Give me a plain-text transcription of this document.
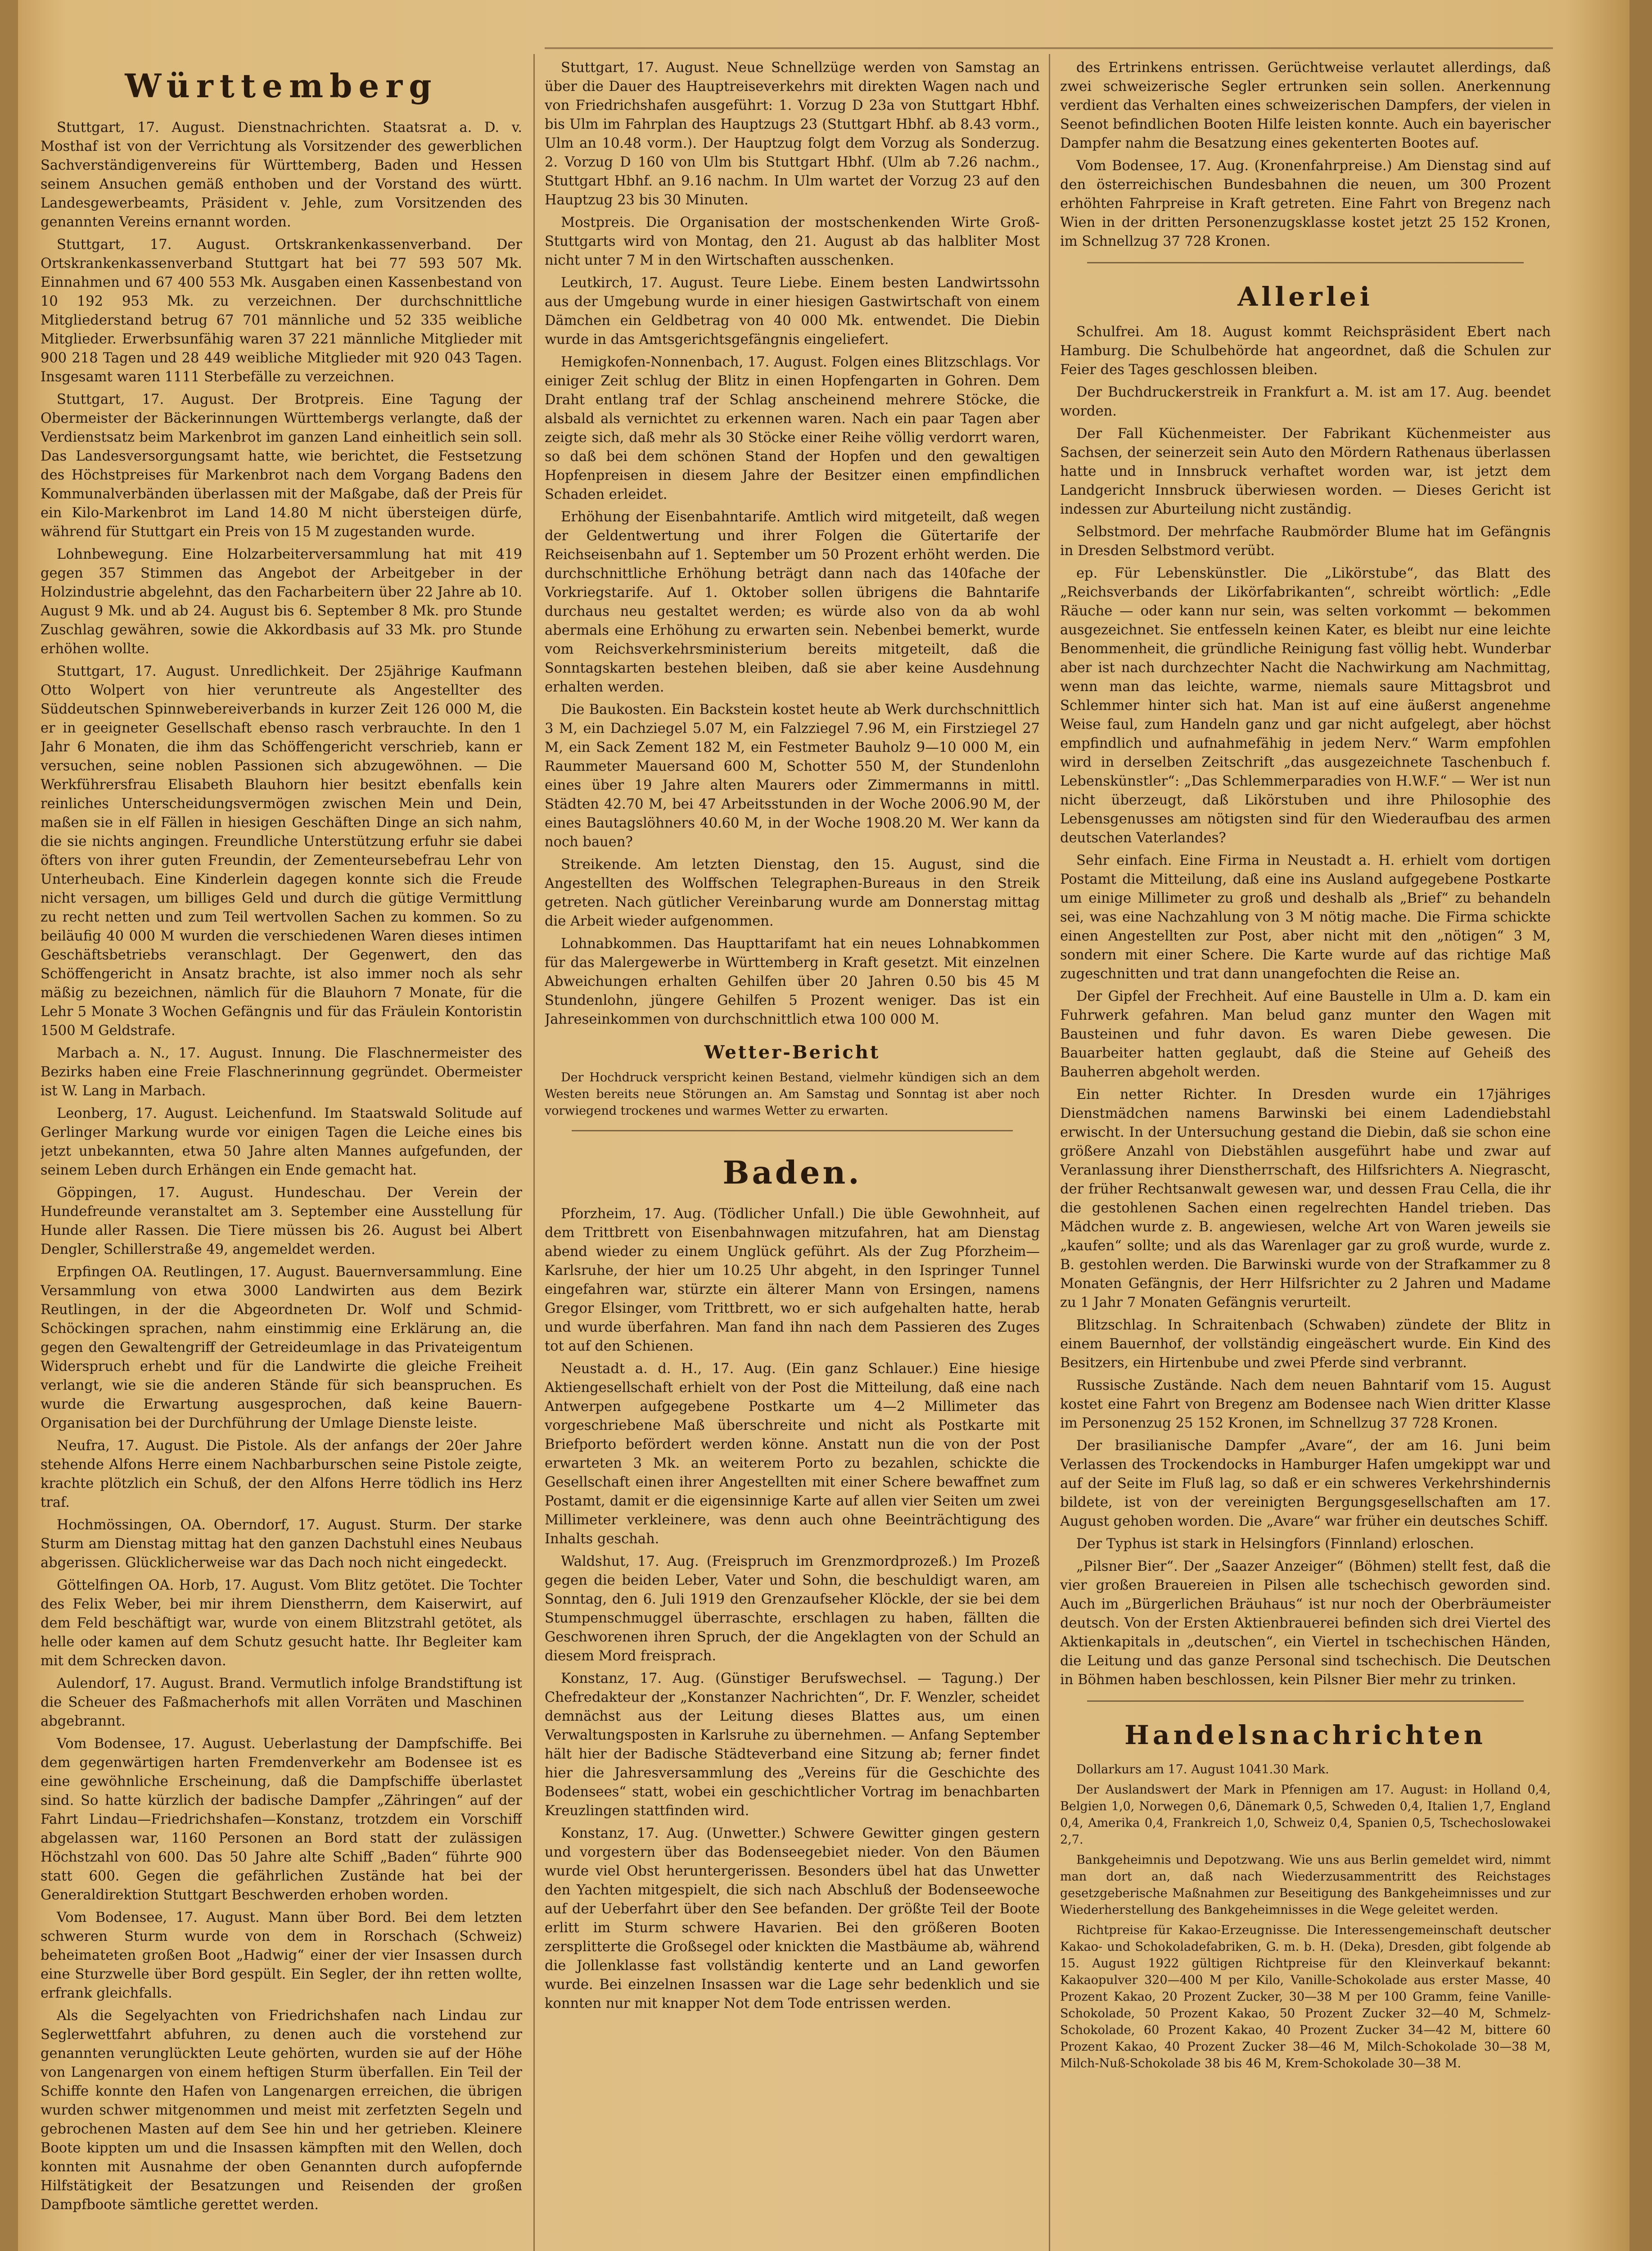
Württemberg

Stuttgart, 17. August. Dienstnachrichten. Staatsrat a. D. v. Mosthaf ist von der Verrichtung als Vorsitzender des gewerblichen Sachverständigenvereins für Württemberg, Baden und Hessen seinem Ansuchen gemäß enthoben und der Vorstand des württ. Landesgewerbeamts, Präsident v. Jehle, zum Vorsitzenden des genannten Vereins ernannt worden.

Stuttgart, 17. August. Ortskrankenkassenverband. Der Ortskrankenkassenverband Stuttgart hat bei 77 593 507 Mk. Einnahmen und 67 400 553 Mk. Ausgaben einen Kassenbestand von 10 192 953 Mk. zu verzeichnen. Der durchschnittliche Mitgliederstand betrug 67 701 männliche und 52 335 weibliche Mitglieder. Erwerbsunfähig waren 37 221 männliche Mitglieder mit 900 218 Tagen und 28 449 weibliche Mitglieder mit 920 043 Tagen. Insgesamt waren 1111 Sterbefälle zu verzeichnen.

Stuttgart, 17. August. Der Brotpreis. Eine Tagung der Obermeister der Bäckerinnungen Württembergs verlangte, daß der Verdienstsatz beim Markenbrot im ganzen Land einheitlich sein soll. Das Landesversorgungsamt hatte, wie berichtet, die Festsetzung des Höchstpreises für Markenbrot nach dem Vorgang Badens den Kommunalverbänden überlassen mit der Maßgabe, daß der Preis für ein Kilo-Markenbrot im Land 14.80 M nicht übersteigen dürfe, während für Stuttgart ein Preis von 15 M zugestanden wurde.

Lohnbewegung. Eine Holzarbeiterversammlung hat mit 419 gegen 357 Stimmen das Angebot der Arbeitgeber in der Holzindustrie abgelehnt, das den Facharbeitern über 22 Jahre ab 10. August 9 Mk. und ab 24. August bis 6. September 8 Mk. pro Stunde Zuschlag gewähren, sowie die Akkordbasis auf 33 Mk. pro Stunde erhöhen wollte.

Stuttgart, 17. August. Unredlichkeit. Der 25jährige Kaufmann Otto Wolpert von hier veruntreute als Angestellter des Süddeutschen Spinnwebereiverbands in kurzer Zeit 126 000 M, die er in geeigneter Gesellschaft ebenso rasch verbrauchte. In den 1 Jahr 6 Monaten, die ihm das Schöffengericht verschrieb, kann er versuchen, seine noblen Passionen sich abzugewöhnen. — Die Werkführersfrau Elisabeth Blauhorn hier besitzt ebenfalls kein reinliches Unterscheidungsvermögen zwischen Mein und Dein, maßen sie in elf Fällen in hiesigen Geschäften Dinge an sich nahm, die sie nichts angingen. Freundliche Unterstützung erfuhr sie dabei öfters von ihrer guten Freundin, der Zementeursebefrau Lehr von Unterheubach. Eine Kinderlein dagegen konnte sich die Freude nicht versagen, um billiges Geld und durch die gütige Vermittlung zu recht netten und zum Teil wertvollen Sachen zu kommen. So zu beiläufig 40 000 M wurden die verschiedenen Waren dieses intimen Geschäftsbetriebs veranschlagt. Der Gegenwert, den das Schöffengericht in Ansatz brachte, ist also immer noch als sehr mäßig zu bezeichnen, nämlich für die Blauhorn 7 Monate, für die Lehr 5 Monate 3 Wochen Gefängnis und für das Fräulein Kontoristin 1500 M Geldstrafe.

Marbach a. N., 17. August. Innung. Die Flaschnermeister des Bezirks haben eine Freie Flaschnerinnung gegründet. Obermeister ist W. Lang in Marbach.

Leonberg, 17. August. Leichenfund. Im Staatswald Solitude auf Gerlinger Markung wurde vor einigen Tagen die Leiche eines bis jetzt unbekannten, etwa 50 Jahre alten Mannes aufgefunden, der seinem Leben durch Erhängen ein Ende gemacht hat.

Göppingen, 17. August. Hundeschau. Der Verein der Hundefreunde veranstaltet am 3. September eine Ausstellung für Hunde aller Rassen. Die Tiere müssen bis 26. August bei Albert Dengler, Schillerstraße 49, angemeldet werden.

Erpfingen OA. Reutlingen, 17. August. Bauernversammlung. Eine Versammlung von etwa 3000 Landwirten aus dem Bezirk Reutlingen, in der die Abgeordneten Dr. Wolf und Schmid-Schöckingen sprachen, nahm einstimmig eine Erklärung an, die gegen den Gewaltengriff der Getreideumlage in das Privateigentum Widerspruch erhebt und für die Landwirte die gleiche Freiheit verlangt, wie sie die anderen Stände für sich beanspruchen. Es wurde die Erwartung ausgesprochen, daß keine Bauern-Organisation bei der Durchführung der Umlage Dienste leiste.

Neufra, 17. August. Die Pistole. Als der anfangs der 20er Jahre stehende Alfons Herre einem Nachbarburschen seine Pistole zeigte, krachte plötzlich ein Schuß, der den Alfons Herre tödlich ins Herz traf.

Hochmössingen, OA. Oberndorf, 17. August. Sturm. Der starke Sturm am Dienstag mittag hat den ganzen Dachstuhl eines Neubaus abgerissen. Glücklicherweise war das Dach noch nicht eingedeckt.

Göttelfingen OA. Horb, 17. August. Vom Blitz getötet. Die Tochter des Felix Weber, bei mir ihrem Dienstherrn, dem Kaiserwirt, auf dem Feld beschäftigt war, wurde von einem Blitzstrahl getötet, als helle oder kamen auf dem Schutz gesucht hatte. Ihr Begleiter kam mit dem Schrecken davon.

Aulendorf, 17. August. Brand. Vermutlich infolge Brandstiftung ist die Scheuer des Faßmacherhofs mit allen Vorräten und Maschinen abgebrannt.

Vom Bodensee, 17. August. Ueberlastung der Dampfschiffe. Bei dem gegenwärtigen harten Fremdenverkehr am Bodensee ist es eine gewöhnliche Erscheinung, daß die Dampfschiffe überlastet sind. So hatte kürzlich der badische Dampfer „Zähringen“ auf der Fahrt Lindau—Friedrichshafen—Konstanz, trotzdem ein Vorschiff abgelassen war, 1160 Personen an Bord statt der zulässigen Höchstzahl von 600. Das 50 Jahre alte Schiff „Baden“ führte 900 statt 600. Gegen die gefährlichen Zustände hat bei der Generaldirektion Stuttgart Beschwerden erhoben worden.

Vom Bodensee, 17. August. Mann über Bord. Bei dem letzten schweren Sturm wurde von dem in Rorschach (Schweiz) beheimateten großen Boot „Hadwig“ einer der vier Insassen durch eine Sturzwelle über Bord gespült. Ein Segler, der ihn retten wollte, erfrank gleichfalls.

Als die Segelyachten von Friedrichshafen nach Lindau zur Seglerwettfahrt abfuhren, zu denen auch die vorstehend zur genannten verunglückten Leute gehörten, wurden sie auf der Höhe von Langenargen von einem heftigen Sturm überfallen. Ein Teil der Schiffe konnte den Hafen von Langenargen erreichen, die übrigen wurden schwer mitgenommen und meist mit zerfetzten Segeln und gebrochenen Masten auf dem See hin und her getrieben. Kleinere Boote kippten um und die Insassen kämpften mit den Wellen, doch konnten mit Ausnahme der oben Genannten durch aufopfernde Hilfstätigkeit der Besatzungen und Reisenden der großen Dampfboote sämtliche gerettet werden.

Stuttgart, 17. August. Neue Schnellzüge werden von Samstag an über die Dauer des Hauptreiseverkehrs mit direkten Wagen nach und von Friedrichshafen ausgeführt: 1. Vorzug D 23a von Stuttgart Hbhf. bis Ulm im Fahrplan des Hauptzugs 23 (Stuttgart Hbhf. ab 8.43 vorm., Ulm an 10.48 vorm.). Der Hauptzug folgt dem Vorzug als Sonderzug. 2. Vorzug D 160 von Ulm bis Stuttgart Hbhf. (Ulm ab 7.26 nachm., Stuttgart Hbhf. an 9.16 nachm. In Ulm wartet der Vorzug 23 auf den Hauptzug 23 bis 30 Minuten.

Mostpreis. Die Organisation der mostschenkenden Wirte Groß-Stuttgarts wird von Montag, den 21. August ab das halbliter Most nicht unter 7 M in den Wirtschaften ausschenken.

Leutkirch, 17. August. Teure Liebe. Einem besten Landwirtssohn aus der Umgebung wurde in einer hiesigen Gastwirtschaft von einem Dämchen ein Geldbetrag von 40 000 Mk. entwendet. Die Diebin wurde in das Amtsgerichtsgefängnis eingeliefert.

Hemigkofen-Nonnenbach, 17. August. Folgen eines Blitzschlags. Vor einiger Zeit schlug der Blitz in einen Hopfengarten in Gohren. Dem Draht entlang traf der Schlag anscheinend mehrere Stöcke, die alsbald als vernichtet zu erkennen waren. Nach ein paar Tagen aber zeigte sich, daß mehr als 30 Stöcke einer Reihe völlig verdorrt waren, so daß bei dem schönen Stand der Hopfen und den gewaltigen Hopfenpreisen in diesem Jahre der Besitzer einen empfindlichen Schaden erleidet.

Erhöhung der Eisenbahntarife. Amtlich wird mitgeteilt, daß wegen der Geldentwertung und ihrer Folgen die Gütertarife der Reichseisenbahn auf 1. September um 50 Prozent erhöht werden. Die durchschnittliche Erhöhung beträgt dann nach das 140fache der Vorkriegstarife. Auf 1. Oktober sollen übrigens die Bahntarife durchaus neu gestaltet werden; es würde also von da ab wohl abermals eine Erhöhung zu erwarten sein. Nebenbei bemerkt, wurde vom Reichsverkehrsministerium bereits mitgeteilt, daß die Sonntagskarten bestehen bleiben, daß sie aber keine Ausdehnung erhalten werden.

Die Baukosten. Ein Backstein kostet heute ab Werk durchschnittlich 3 M, ein Dachziegel 5.07 M, ein Falzziegel 7.96 M, ein Firstziegel 27 M, ein Sack Zement 182 M, ein Festmeter Bauholz 9—10 000 M, ein Raummeter Mauersand 600 M, Schotter 550 M, der Stundenlohn eines über 19 Jahre alten Maurers oder Zimmermanns in mittl. Städten 42.70 M, bei 47 Arbeitsstunden in der Woche 2006.90 M, der eines Bautagslöhners 40.60 M, in der Woche 1908.20 M. Wer kann da noch bauen?

Streikende. Am letzten Dienstag, den 15. August, sind die Angestellten des Wolffschen Telegraphen-Bureaus in den Streik getreten. Nach gütlicher Vereinbarung wurde am Donnerstag mittag die Arbeit wieder aufgenommen.

Lohnabkommen. Das Haupttarifamt hat ein neues Lohnabkommen für das Malergewerbe in Württemberg in Kraft gesetzt. Mit einzelnen Abweichungen erhalten Gehilfen über 20 Jahren 0.50 bis 45 M Stundenlohn, jüngere Gehilfen 5 Prozent weniger. Das ist ein Jahreseinkommen von durchschnittlich etwa 100 000 M.

Wetter-Bericht

Der Hochdruck verspricht keinen Bestand, vielmehr kündigen sich an dem Westen bereits neue Störungen an. Am Samstag und Sonntag ist aber noch vorwiegend trockenes und warmes Wetter zu erwarten.

Baden.

Pforzheim, 17. Aug. (Tödlicher Unfall.) Die üble Gewohnheit, auf dem Trittbrett von Eisenbahnwagen mitzufahren, hat am Dienstag abend wieder zu einem Unglück geführt. Als der Zug Pforzheim—Karlsruhe, der hier um 10.25 Uhr abgeht, in den Ispringer Tunnel eingefahren war, stürzte ein älterer Mann von Ersingen, namens Gregor Elsinger, vom Trittbrett, wo er sich aufgehalten hatte, herab und wurde überfahren. Man fand ihn nach dem Passieren des Zuges tot auf den Schienen.

Neustadt a. d. H., 17. Aug. (Ein ganz Schlauer.) Eine hiesige Aktiengesellschaft erhielt von der Post die Mitteilung, daß eine nach Antwerpen aufgegebene Postkarte um 4—2 Millimeter das vorgeschriebene Maß überschreite und nicht als Postkarte mit Briefporto befördert werden könne. Anstatt nun die von der Post erwarteten 3 Mk. an weiterem Porto zu bezahlen, schickte die Gesellschaft einen ihrer Angestellten mit einer Schere bewaffnet zum Postamt, damit er die eigensinnige Karte auf allen vier Seiten um zwei Millimeter verkleinere, was denn auch ohne Beeinträchtigung des Inhalts geschah.

Waldshut, 17. Aug. (Freispruch im Grenzmordprozeß.) Im Prozeß gegen die beiden Leber, Vater und Sohn, die beschuldigt waren, am Sonntag, den 6. Juli 1919 den Grenzaufseher Klöckle, der sie bei dem Stumpenschmuggel überraschte, erschlagen zu haben, fällten die Geschworenen ihren Spruch, der die Angeklagten von der Schuld an diesem Mord freisprach.

Konstanz, 17. Aug. (Günstiger Berufswechsel. — Tagung.) Der Chefredakteur der „Konstanzer Nachrichten“, Dr. F. Wenzler, scheidet demnächst aus der Leitung dieses Blattes aus, um einen Verwaltungsposten in Karlsruhe zu übernehmen. — Anfang September hält hier der Badische Städteverband eine Sitzung ab; ferner findet hier die Jahresversammlung des „Vereins für die Geschichte des Bodensees“ statt, wobei ein geschichtlicher Vortrag im benachbarten Kreuzlingen stattfinden wird.

Konstanz, 17. Aug. (Unwetter.) Schwere Gewitter gingen gestern und vorgestern über das Bodenseegebiet nieder. Von den Bäumen wurde viel Obst heruntergerissen. Besonders übel hat das Unwetter den Yachten mitgespielt, die sich nach Abschluß der Bodenseewoche auf der Ueberfahrt über den See befanden. Der größte Teil der Boote erlitt im Sturm schwere Havarien. Bei den größeren Booten zersplitterte die Großsegel oder knickten die Mastbäume ab, während die Jollenklasse fast vollständig kenterte und an Land geworfen wurde. Bei einzelnen Insassen war die Lage sehr bedenklich und sie konnten nur mit knapper Not dem Tode entrissen werden.

des Ertrinkens entrissen. Gerüchtweise verlautet allerdings, daß zwei schweizerische Segler ertrunken sein sollen. Anerkennung verdient das Verhalten eines schweizerischen Dampfers, der vielen in Seenot befindlichen Booten Hilfe leisten konnte. Auch ein bayerischer Dampfer nahm die Besatzung eines gekenterten Bootes auf.

Vom Bodensee, 17. Aug. (Kronenfahrpreise.) Am Dienstag sind auf den österreichischen Bundesbahnen die neuen, um 300 Prozent erhöhten Fahrpreise in Kraft getreten. Eine Fahrt von Bregenz nach Wien in der dritten Personenzugsklasse kostet jetzt 25 152 Kronen, im Schnellzug 37 728 Kronen.

Allerlei

Schulfrei. Am 18. August kommt Reichspräsident Ebert nach Hamburg. Die Schulbehörde hat angeordnet, daß die Schulen zur Feier des Tages geschlossen bleiben.

Der Buchdruckerstreik in Frankfurt a. M. ist am 17. Aug. beendet worden.

Der Fall Küchenmeister. Der Fabrikant Küchenmeister aus Sachsen, der seinerzeit sein Auto den Mördern Rathenaus überlassen hatte und in Innsbruck verhaftet worden war, ist jetzt dem Landgericht Innsbruck überwiesen worden. — Dieses Gericht ist indessen zur Aburteilung nicht zuständig.

Selbstmord. Der mehrfache Raubmörder Blume hat im Gefängnis in Dresden Selbstmord verübt.

ep. Für Lebenskünstler. Die „Likörstube“, das Blatt des „Reichsverbands der Likörfabrikanten“, schreibt wörtlich: „Edle Räuche — oder kann nur sein, was selten vorkommt — bekommen ausgezeichnet. Sie entfesseln keinen Kater, es bleibt nur eine leichte Benommenheit, die gründliche Reinigung fast völlig hebt. Wunderbar aber ist nach durchzechter Nacht die Nachwirkung am Nachmittag, wenn man das leichte, warme, niemals saure Mittagsbrot und Schlemmer hinter sich hat. Man ist auf eine äußerst angenehme Weise faul, zum Handeln ganz und gar nicht aufgelegt, aber höchst empfindlich und aufnahmefähig in jedem Nerv.“ Warm empfohlen wird in derselben Zeitschrift „das ausgezeichnete Taschenbuch f. Lebenskünstler“: „Das Schlemmerparadies von H.W.F.“ — Wer ist nun nicht überzeugt, daß Likörstuben und ihre Philosophie des Lebensgenusses am nötigsten sind für den Wiederaufbau des armen deutschen Vaterlandes?

Sehr einfach. Eine Firma in Neustadt a. H. erhielt vom dortigen Postamt die Mitteilung, daß eine ins Ausland aufgegebene Postkarte um einige Millimeter zu groß und deshalb als „Brief“ zu behandeln sei, was eine Nachzahlung von 3 M nötig mache. Die Firma schickte einen Angestellten zur Post, aber nicht mit den „nötigen“ 3 M, sondern mit einer Schere. Die Karte wurde auf das richtige Maß zugeschnitten und trat dann unangefochten die Reise an.

Der Gipfel der Frechheit. Auf eine Baustelle in Ulm a. D. kam ein Fuhrwerk gefahren. Man belud ganz munter den Wagen mit Bausteinen und fuhr davon. Es waren Diebe gewesen. Die Bauarbeiter hatten geglaubt, daß die Steine auf Geheiß des Bauherren abgeholt werden.

Ein netter Richter. In Dresden wurde ein 17jähriges Dienstmädchen namens Barwinski bei einem Ladendiebstahl erwischt. In der Untersuchung gestand die Diebin, daß sie schon eine größere Anzahl von Diebstählen ausgeführt habe und zwar auf Veranlassung ihrer Dienstherrschaft, des Hilfsrichters A. Niegrascht, der früher Rechtsanwalt gewesen war, und dessen Frau Cella, die ihr die gestohlenen Sachen einen regelrechten Handel trieben. Das Mädchen wurde z. B. angewiesen, welche Art von Waren jeweils sie „kaufen“ sollte; und als das Warenlager gar zu groß wurde, wurde z. B. gestohlen werden. Die Barwinski wurde von der Strafkammer zu 8 Monaten Gefängnis, der Herr Hilfsrichter zu 2 Jahren und Madame zu 1 Jahr 7 Monaten Gefängnis verurteilt.

Blitzschlag. In Schraitenbach (Schwaben) zündete der Blitz in einem Bauernhof, der vollständig eingeäschert wurde. Ein Kind des Besitzers, ein Hirtenbube und zwei Pferde sind verbrannt.

Russische Zustände. Nach dem neuen Bahntarif vom 15. August kostet eine Fahrt von Bregenz am Bodensee nach Wien dritter Klasse im Personenzug 25 152 Kronen, im Schnellzug 37 728 Kronen.

Der brasilianische Dampfer „Avare“, der am 16. Juni beim Verlassen des Trockendocks in Hamburger Hafen umgekippt war und auf der Seite im Fluß lag, so daß er ein schweres Verkehrshindernis bildete, ist von der vereinigten Bergungsgesellschaften am 17. August gehoben worden. Die „Avare“ war früher ein deutsches Schiff.

Der Typhus ist stark in Helsingfors (Finnland) erloschen.

„Pilsner Bier“. Der „Saazer Anzeiger“ (Böhmen) stellt fest, daß die vier großen Brauereien in Pilsen alle tschechisch geworden sind. Auch im „Bürgerlichen Bräuhaus“ ist nur noch der Oberbräumeister deutsch. Von der Ersten Aktienbrauerei befinden sich drei Viertel des Aktienkapitals in „deutschen“, ein Viertel in tschechischen Händen, die Leitung und das ganze Personal sind tschechisch. Die Deutschen in Böhmen haben beschlossen, kein Pilsner Bier mehr zu trinken.

Handelsnachrichten

Dollarkurs am 17. August 1041.30 Mark.

Der Auslandswert der Mark in Pfennigen am 17. August: in Holland 0,4, Belgien 1,0, Norwegen 0,6, Dänemark 0,5, Schweden 0,4, Italien 1,7, England 0,4, Amerika 0,4, Frankreich 1,0, Schweiz 0,4, Spanien 0,5, Tschechoslowakei 2,7.

Bankgeheimnis und Depotzwang. Wie uns aus Berlin gemeldet wird, nimmt man dort an, daß nach Wiederzusammentritt des Reichstages gesetzgeberische Maßnahmen zur Beseitigung des Bankgeheimnisses und zur Wiederherstellung des Bankgeheimnisses in die Wege geleitet werden.

Richtpreise für Kakao-Erzeugnisse. Die Interessengemeinschaft deutscher Kakao- und Schokoladefabriken, G. m. b. H. (Deka), Dresden, gibt folgende ab 15. August 1922 gültigen Richtpreise für den Kleinverkauf bekannt: Kakaopulver 320—400 M per Kilo, Vanille-Schokolade aus erster Masse, 40 Prozent Kakao, 20 Prozent Zucker, 30—38 M per 100 Gramm, feine Vanille-Schokolade, 50 Prozent Kakao, 50 Prozent Zucker 32—40 M, Schmelz-Schokolade, 60 Prozent Kakao, 40 Prozent Zucker 34—42 M, bittere 60 Prozent Kakao, 40 Prozent Zucker 38—46 M, Milch-Schokolade 30—38 M, Milch-Nuß-Schokolade 38 bis 46 M, Krem-Schokolade 30—38 M.
